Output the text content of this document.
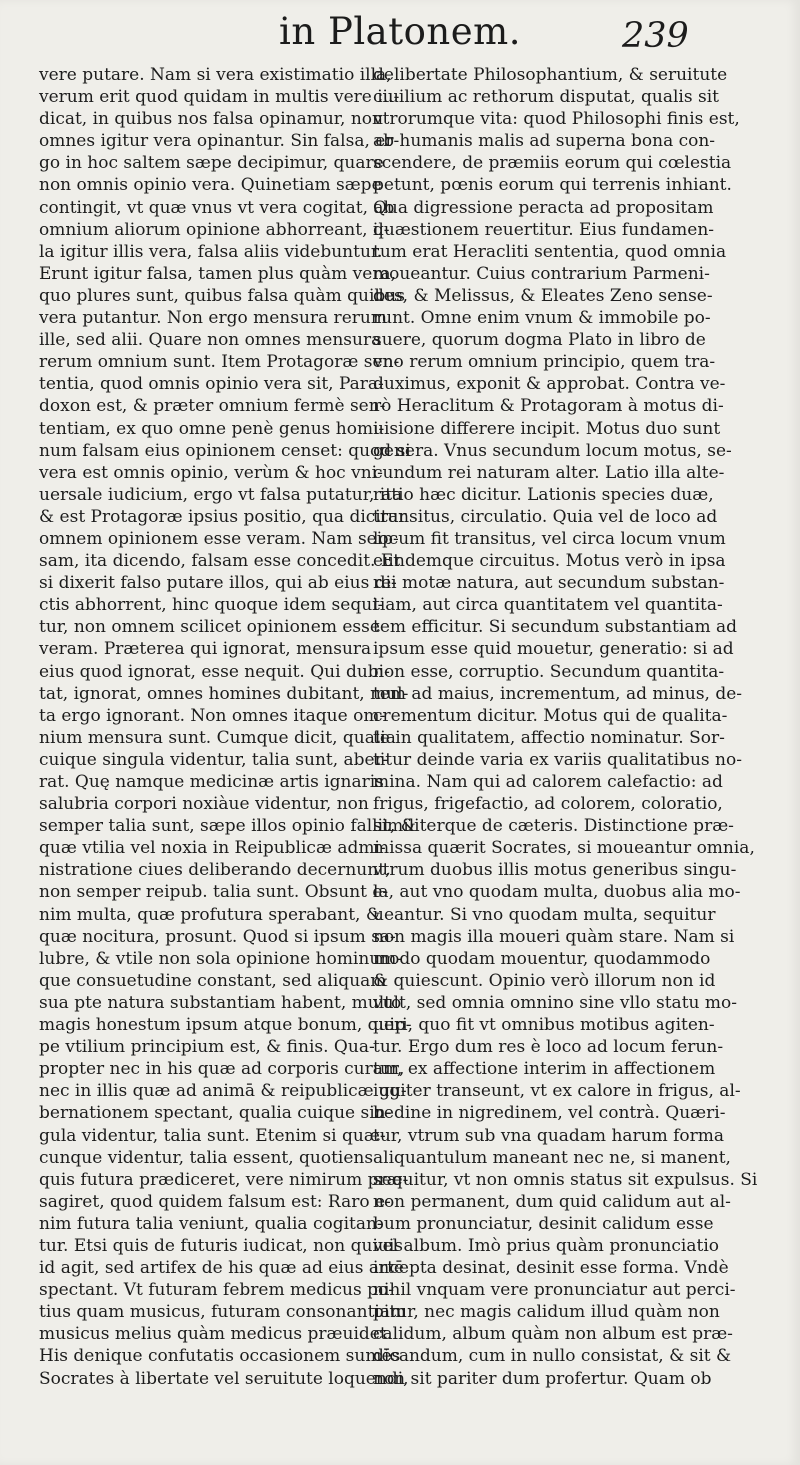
in Platonem.	239
vere putare. Nam si vera existimatio illa,
verum erit quod quidam in multis vere iu-
dicat, in quibus nos falsa opinamur, non
omnes igitur vera opinantur. Sin falsa, er-
go in hoc saltem sæpe decipimur, quare
non omnis opinio vera. Quinetiam sæpe
contingit, vt quæ vnus vt vera cogitat, ab
omnium aliorum opinione abhorreant, il-
la igitur illis vera, falsa aliis videbuntur.
Erunt igitur falsa, tamen plus quàm vera,
quo plures sunt, quibus falsa quàm quibus
vera putantur. Non ergo mensura rerum
ille, sed alii. Quare non omnes mensura
rerum omnium sunt. Item Protagoræ sen-
tentia, quod omnis opinio vera sit, Para-
doxon est, & præter omnium fermè sen-
tentiam, ex quo omne penè genus homi-
num falsam eius opinionem censet: quod si
vera est omnis opinio, verùm & hoc vni-
uersale iudicium, ergo vt falsa putatur, ita
& est Protagoræ ipsius positio, qua dicitur
omnem opinionem esse veram. Nam seip-
sam, ita dicendo, falsam esse concedit. Et
si dixerit falso putare illos, qui ab eius di-
ctis abhorrent, hinc quoque idem sequi-
tur, non omnem scilicet opinionem esse
veram. Præterea qui ignorat, mensura
eius quod ignorat, esse nequit. Qui dubi-
tat, ignorat, omnes homines dubitant, mul-
ta ergo ignorant. Non omnes itaque om-
nium mensura sunt. Cumque dicit, qualia
cuique singula videntur, talia sunt, aber-
rat. Quę namque medicinæ artis ignaris
salubria corpori noxiàue videntur, non
semper talia sunt, sæpe illos opinio fallit, &
quæ vtilia vel noxia in Reipublicæ admi-
nistratione ciues deliberando decernunt,
non semper reipub. talia sunt. Obsunt e-
nim multa, quæ profutura sperabant, &
quæ nocitura, prosunt. Quod si ipsum sa-
lubre, & vtile non sola opinione hominum-
que consuetudine constant, sed aliquam
sua pte natura substantiam habent, multo
magis honestum ipsum atque bonum, quip-
pe vtilium principium est, & finis. Qua-
propter nec in his quæ ad corporis curam,
nec in illis quæ ad animā & reipublicæ gu-
bernationem spectant, qualia cuique sin-
gula videntur, talia sunt. Etenim si quæ-
cunque videntur, talia essent, quotiens
quis futura prædiceret, vere nimirum præ-
sagiret, quod quidem falsum est: Raro e-
nim futura talia veniunt, qualia cogitan-
tur. Etsi quis de futuris iudicat, non quiuis
id agit, sed artifex de his quæ ad eius artē
spectant. Vt futuram febrem medicus po-
tius quam musicus, futuram consonantiam
musicus melius quàm medicus præuidet.
His denique confutatis occasionem sumēs
Socrates à libertate vel seruitute loquendi,
delibertate Philosophantium, & seruitute
ciuilium ac rethorum disputat, qualis sit
vtrorumque vita: quod Philosophi finis est,
ab humanis malis ad superna bona con-
scendere, de præmiis eorum qui cœlestia
petunt, pœnis eorum qui terrenis inhiant.
Qua digressione peracta ad propositam
quæstionem reuertitur. Eius fundamen-
tum erat Heracliti sententia, quod omnia
moueantur. Cuius contrarium Parmeni-
des, & Melissus, & Eleates Zeno sense-
runt. Omne enim vnum & immobile po-
suere, quorum dogma Plato in libro de
vno rerum omnium principio, quem tra-
duximus, exponit & approbat. Contra ve-
rò Heraclitum & Protagoram à motus di-
uisione differere incipit. Motus duo sunt
genera. Vnus secundum locum motus, se-
cundum rei naturam alter. Latio illa alte-
ratio hæc dicitur. Lationis species duæ,
transitus, circulatio. Quia vel de loco ad
locum fit transitus, vel circa locum vnum
eundemque circuitus. Motus verò in ipsa
rei motæ natura, aut secundum substan-
tiam, aut circa quantitatem vel quantita-
tem efficitur. Si secundum substantiam ad
ipsum esse quid mouetur, generatio: si ad
non esse, corruptio. Secundum quantita-
tem ad maius, incrementum, ad minus, de-
crementum dicitur. Motus qui de qualita-
te in qualitatem, affectio nominatur. Sor-
titur deinde varia ex variis qualitatibus no-
mina. Nam qui ad calorem calefactio: ad
frigus, frigefactio, ad colorem, coloratio,
similiterque de cæteris. Distinctione præ-
missa quærit Socrates, si moueantur omnia,
vtrum duobus illis motus generibus singu-
la, aut vno quodam multa, duobus alia mo-
ueantur. Si vno quodam multa, sequitur
non magis illa moueri quàm stare. Nam si
modo quodam mouentur, quodammodo
& quiescunt. Opinio verò illorum non id
vult, sed omnia omnino sine vllo statu mo-
ueri, quo fit vt omnibus motibus agiten-
tur. Ergo dum res è loco ad locum ferun-
tur, ex affectione interim in affectionem
iugiter transeunt, vt ex calore in frigus, al-
bedine in nigredinem, vel contrà. Quæri-
tur, vtrum sub vna quadam harum forma
aliquantulum maneant nec ne, si manent,
sequitur, vt non omnis status sit expulsus. Si
non permanent, dum quid calidum aut al-
bum pronunciatur, desinit calidum esse
vel album. Imò prius quàm pronunciatio
incepta desinat, desinit esse forma. Vndè
nihil vnquam vere pronunciatur aut perci-
pitur, nec magis calidum illud quàm non
calidum, album quàm non album est præ-
dicandum, cum in nullo consistat, & sit &
non sit pariter dum profertur. Quam ob
